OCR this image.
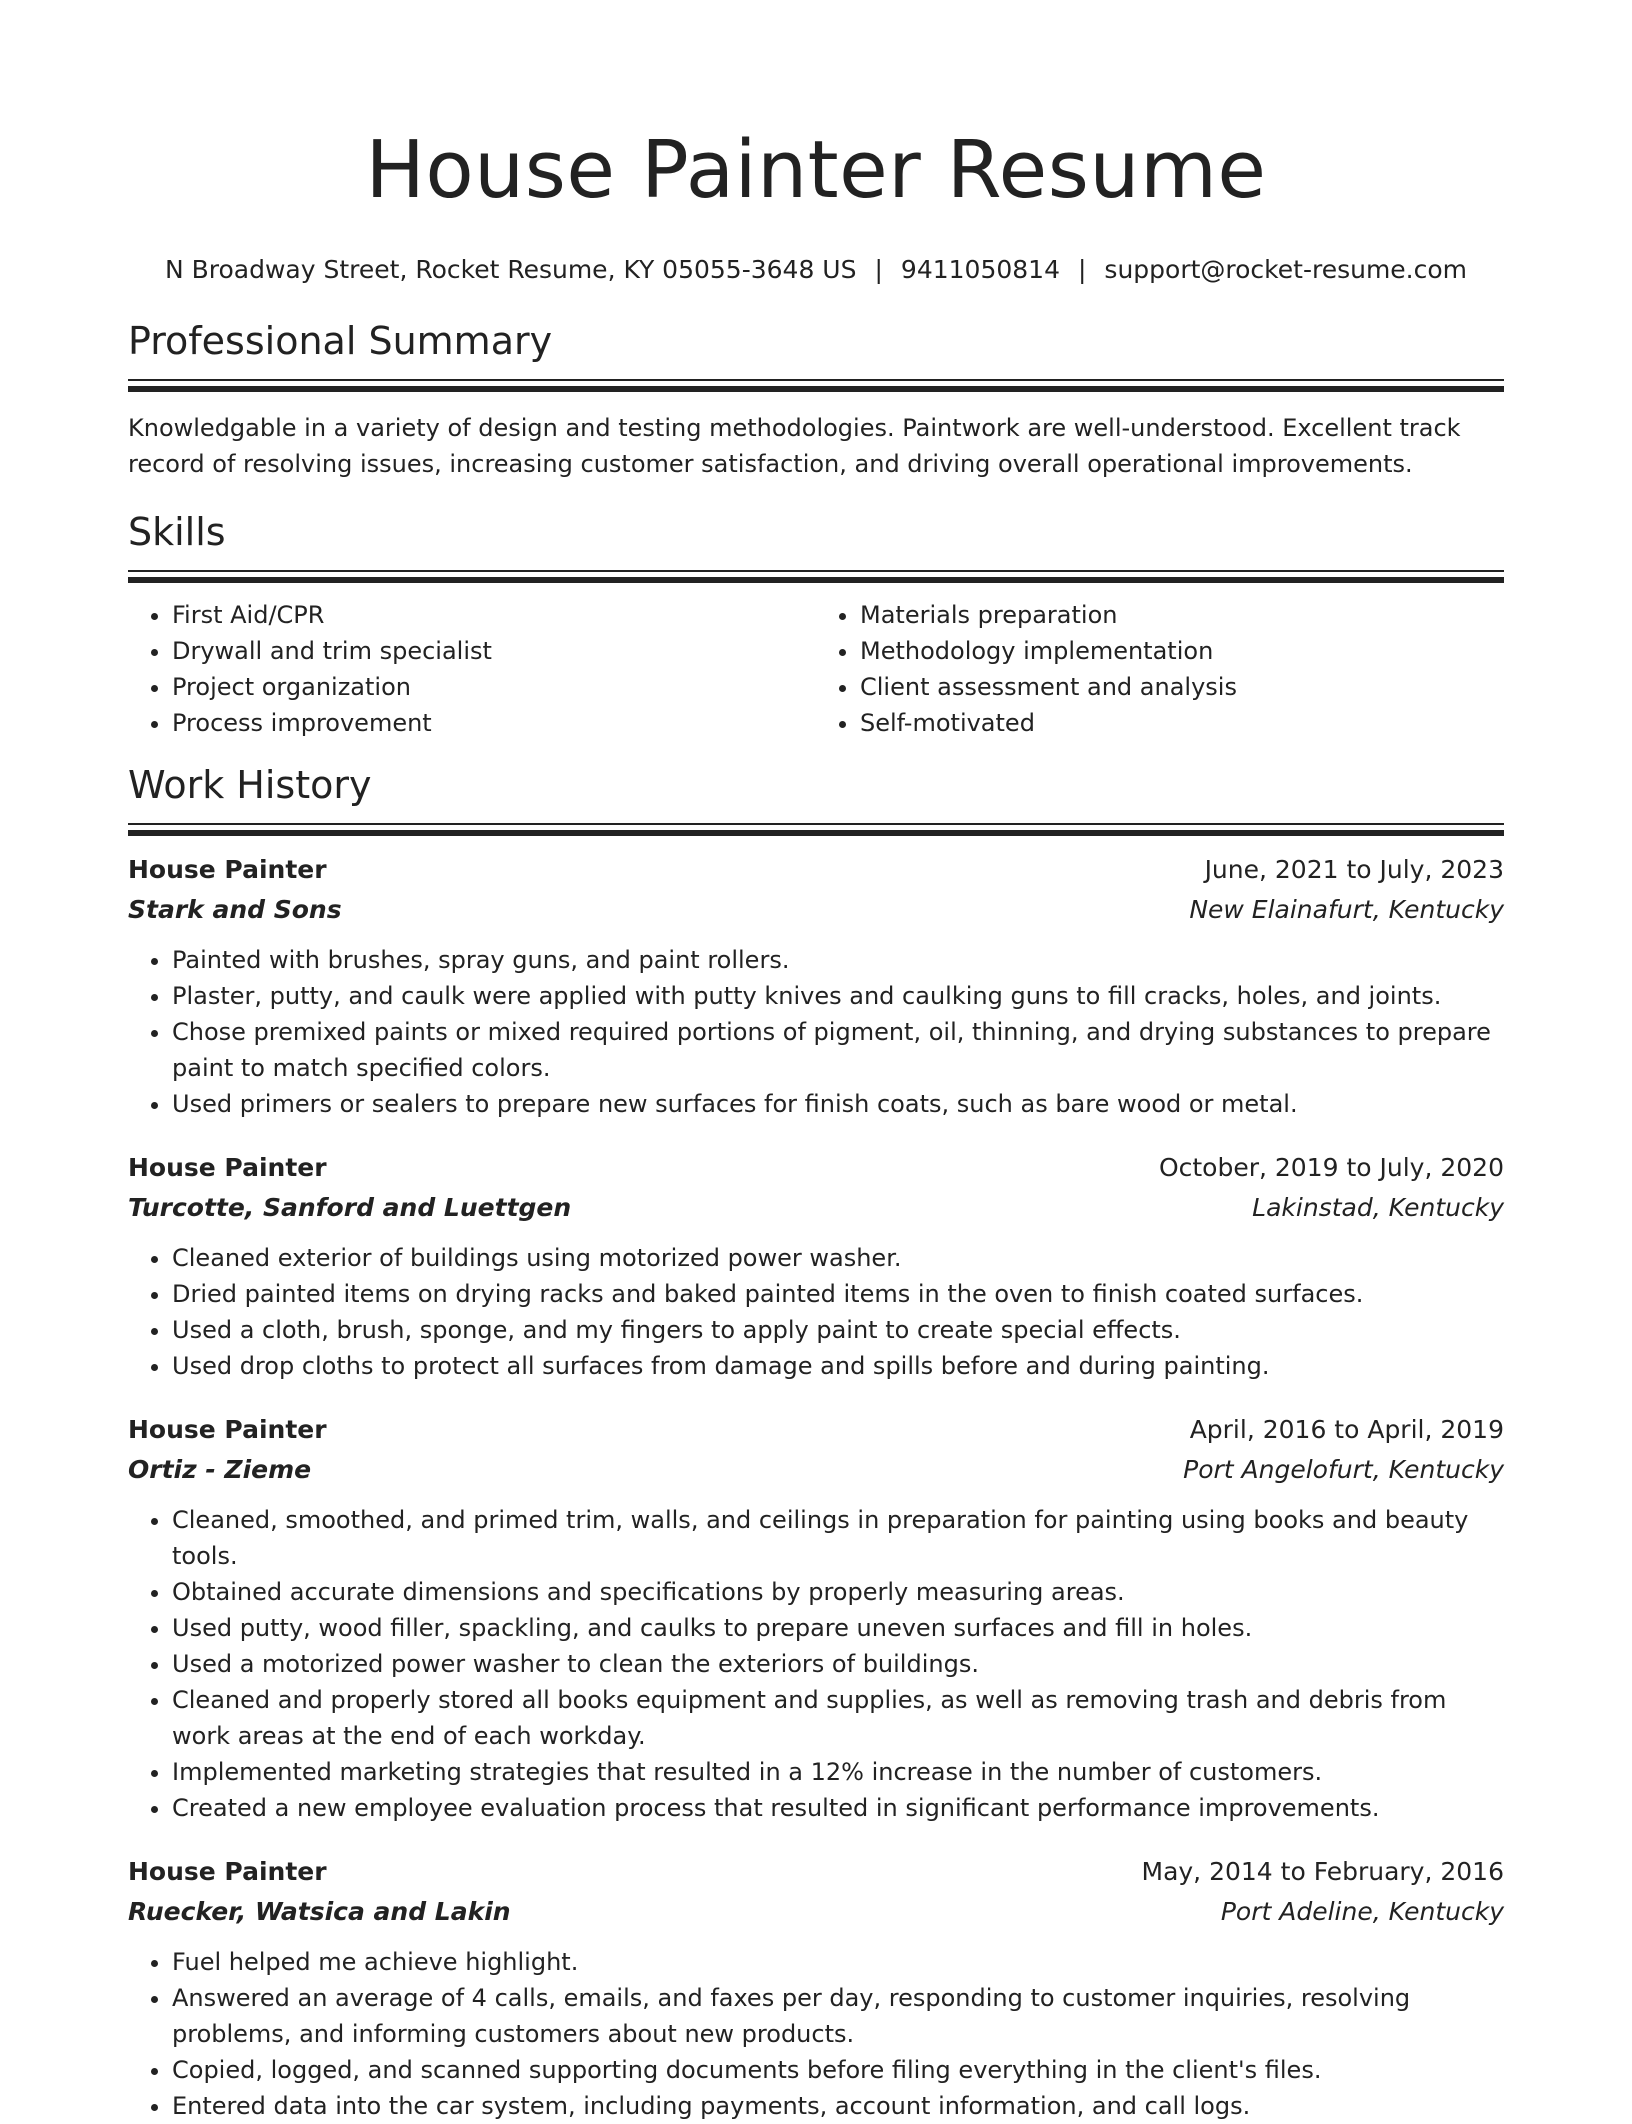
House Painter Resume
N Broadway Street, Rocket Resume, KY 05055-3648 US | 9411050814 | support@rocket-resume.com
Professional Summary

Knowledgable in a variety of design and testing methodologies. Paintwork are well-understood. Excellent track record of resolving issues, increasing customer satisfaction, and driving overall operational improvements.

Skills
• First Aid/CPR
• Drywall and trim specialist
• Project organization
• Process improvement
• Materials preparation
• Methodology implementation
• Client assessment and analysis
• Self-motivated
Work History
House Painter	June, 2021 to July, 2023
Stark and Sons	New Elainafurt, Kentucky
• Painted with brushes, spray guns, and paint rollers.
• Plaster, putty, and caulk were applied with putty knives and caulking guns to fill cracks, holes, and joints.
• Chose premixed paints or mixed required portions of pigment, oil, thinning, and drying substances to prepare paint to match specified colors.
• Used primers or sealers to prepare new surfaces for finish coats, such as bare wood or metal.
House Painter	October, 2019 to July, 2020
Turcotte, Sanford and Luettgen	Lakinstad, Kentucky
• Cleaned exterior of buildings using motorized power washer.
• Dried painted items on drying racks and baked painted items in the oven to finish coated surfaces.
• Used a cloth, brush, sponge, and my fingers to apply paint to create special effects.
• Used drop cloths to protect all surfaces from damage and spills before and during painting.
House Painter	April, 2016 to April, 2019
Ortiz - Zieme	Port Angelofurt, Kentucky
• Cleaned, smoothed, and primed trim, walls, and ceilings in preparation for painting using books and beauty tools.
• Obtained accurate dimensions and specifications by properly measuring areas.
• Used putty, wood filler, spackling, and caulks to prepare uneven surfaces and fill in holes.
• Used a motorized power washer to clean the exteriors of buildings.
• Cleaned and properly stored all books equipment and supplies, as well as removing trash and debris from work areas at the end of each workday.
• Implemented marketing strategies that resulted in a 12% increase in the number of customers.
• Created a new employee evaluation process that resulted in significant performance improvements.
House Painter	May, 2014 to February, 2016
Ruecker, Watsica and Lakin	Port Adeline, Kentucky
• Fuel helped me achieve highlight.
• Answered an average of 4 calls, emails, and faxes per day, responding to customer inquiries, resolving problems, and informing customers about new products.
• Copied, logged, and scanned supporting documents before filing everything in the client's files.
• Entered data into the car system, including payments, account information, and call logs.
